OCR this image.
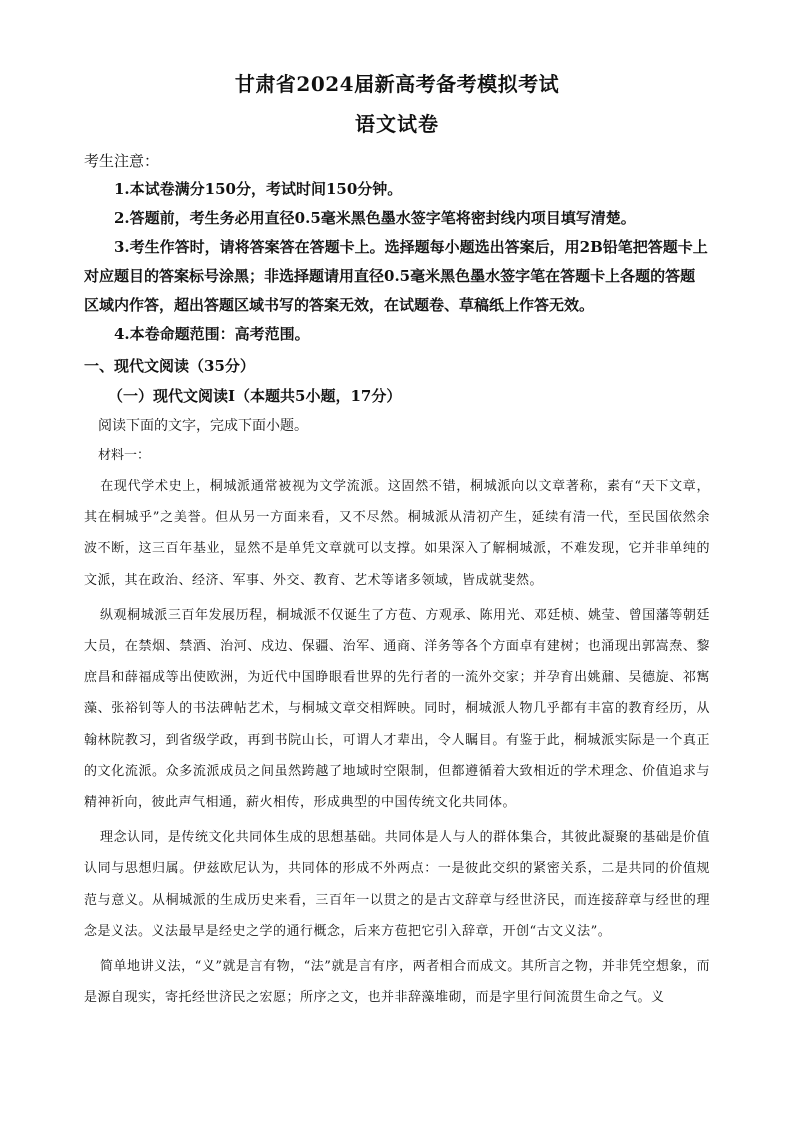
甘肃省2024届新高考备考模拟考试
语文试卷
考生注意：

1.本试卷满分150分，考试时间150分钟。

2.答题前，考生务必用直径0.5毫米黑色墨水签字笔将密封线内项目填写清楚。

3.考生作答时，请将答案答在答题卡上。选择题每小题选出答案后，用2B铅笔把答题卡上对应题目的答案标号涂黑；非选择题请用直径0.5毫米黑色墨水签字笔在答题卡上各题的答题区域内作答，超出答题区域书写的答案无效，在试题卷、草稿纸上作答无效。

4.本卷命题范围：高考范围。

一、现代文阅读（35分）
（一）现代文阅读Ⅰ（本题共5小题，17分）
阅读下面的文字，完成下面小题。
材料一：

在现代学术史上，桐城派通常被视为文学流派。这固然不错，桐城派向以文章著称，素有“天下文章，其在桐城乎”之美誉。但从另一方面来看，又不尽然。桐城派从清初产生，延续有清一代，至民国依然余波不断，这三百年基业，显然不是单凭文章就可以支撑。如果深入了解桐城派，不难发现，它并非单纯的文派，其在政治、经济、军事、外交、教育、艺术等诸多领域，皆成就斐然。

纵观桐城派三百年发展历程，桐城派不仅诞生了方苞、方观承、陈用光、邓廷桢、姚莹、曾国藩等朝廷大员，在禁烟、禁酒、治河、戍边、保疆、治军、通商、洋务等各个方面卓有建树；也涌现出郭嵩焘、黎庶昌和薛福成等出使欧洲，为近代中国睁眼看世界的先行者的一流外交家；并孕育出姚鼐、吴德旋、祁寯藻、张裕钊等人的书法碑帖艺术，与桐城文章交相辉映。同时，桐城派人物几乎都有丰富的教育经历，从翰林院教习，到省级学政，再到书院山长，可谓人才辈出，令人瞩目。有鉴于此，桐城派实际是一个真正的文化流派。众多流派成员之间虽然跨越了地域时空限制，但都遵循着大致相近的学术理念、价值追求与精神祈向，彼此声气相通，薪火相传，形成典型的中国传统文化共同体。

理念认同，是传统文化共同体生成的思想基础。共同体是人与人的群体集合，其彼此凝聚的基础是价值认同与思想归属。伊兹欧尼认为，共同体的形成不外两点：一是彼此交织的紧密关系，二是共同的价值规范与意义。从桐城派的生成历史来看，三百年一以贯之的是古文辞章与经世济民，而连接辞章与经世的理念是义法。义法最早是经史之学的通行概念，后来方苞把它引入辞章，开创“古文义法”。

简单地讲义法，“义”就是言有物，“法”就是言有序，两者相合而成文。其所言之物，并非凭空想象，而是源自现实，寄托经世济民之宏愿；所序之文，也并非辞藻堆砌，而是字里行间流贯生命之气。义
